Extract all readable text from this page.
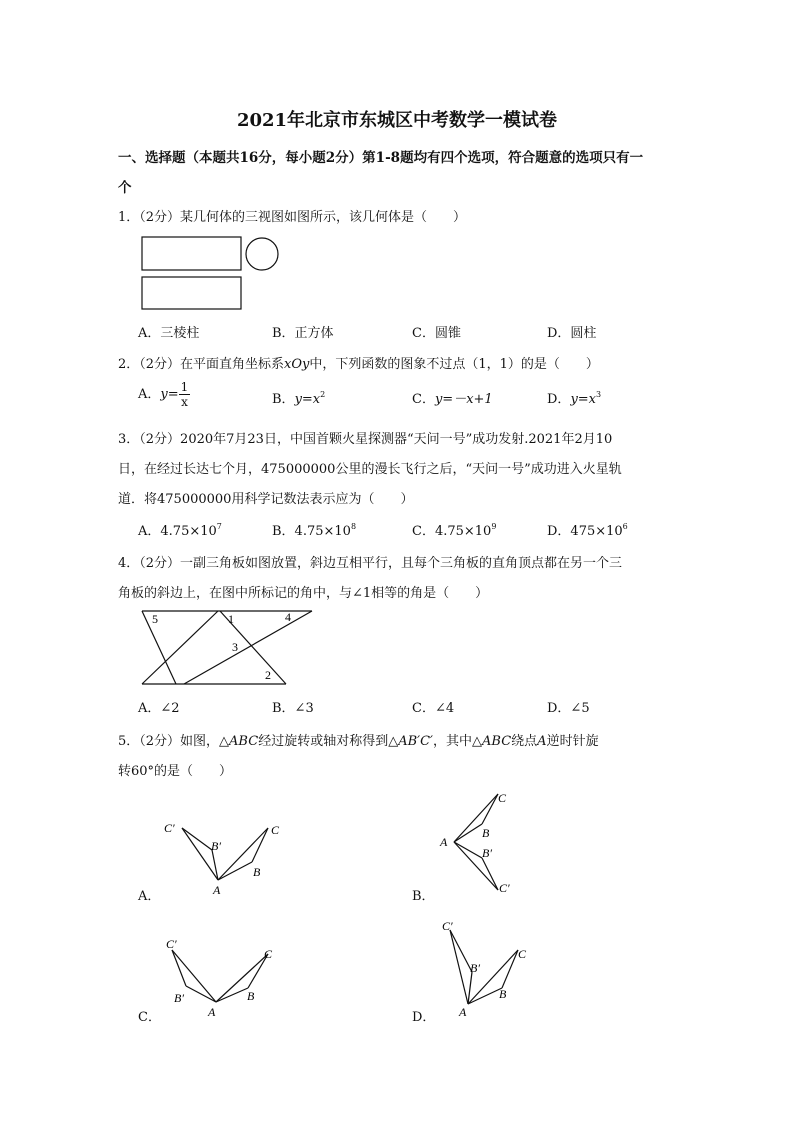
2021年北京市东城区中考数学一模试卷
一、选择题（本题共16分，每小题2分）第1-8题均有四个选项，符合题意的选项只有一
个
1．（2分）某几何体的三视图如图所示，该几何体是（　　）
A．三棱柱	B．正方体	C．圆锥	D．圆柱
2．（2分）在平面直角坐标系xOy中，下列函数的图象不过点（1，1）的是（　　）
A．$y= \frac{1}{x}$	B．$y=x^2$	C．y=－x+1	D．$y=x^3$
3．（2分）2020年7月23日，中国首颗火星探测器“天问一号”成功发射.2021年2月10
日，在经过长达七个月，475000000公里的漫长飞行之后，“天问一号”成功进入火星轨
道．将475000000用科学记数法表示应为（　　）
A．$4.75\times 10^7$	B．$4.75\times 10^8$	C．$4.75\times 10^9$	D．$475\times 10^6$
4．（2分）一副三角板如图放置，斜边互相平行，且每个三角板的直角顶点都在另一个三
角板的斜边上，在图中所标记的角中，与∠1相等的角是（　　）
5	1	4
3
2
A．∠2	B．∠3	C．∠4	D．∠5
5．（2分）如图，△ABC经过旋转或轴对称得到△AB′C′，其中△ABC绕点A逆时针旋
转60°的是（　　）
C′
B′
C
B
A
A．
C
B
A
B′
C′
B．
C′
B′
C
B
A
C．
C′
B′
C
B
A
D．
